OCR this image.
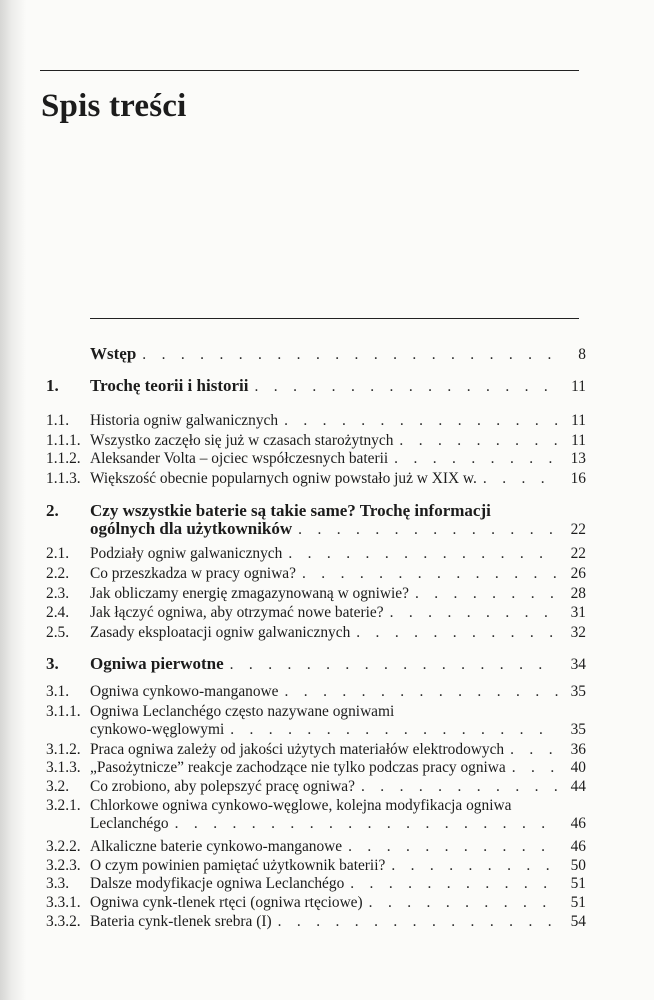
Spis treści
Wstęp . . .	8
1. Trochę teorii i historii . . .	11
1.1. Historia ogniw galwanicznych . . .	11
1.1.1. Wszystko zaczęło się już w czasach starożytnych . . .	11
1.1.2. Aleksander Volta – ojciec współczesnych baterii . . .	13
1.1.3. Większość obecnie popularnych ogniw powstało już w XIX w. . . .	16
2. Czy wszystkie baterie są takie same? Trochę informacji
ogólnych dla użytkowników . . .	22
2.1. Podziały ogniw galwanicznych . . .	22
2.2. Co przeszkadza w pracy ogniwa? . . .	26
2.3. Jak obliczamy energię zmagazynowaną w ogniwie? . . .	28
2.4. Jak łączyć ogniwa, aby otrzymać nowe baterie? . . .	31
2.5. Zasady eksploatacji ogniw galwanicznych . . .	32
3. Ogniwa pierwotne . . .	34
3.1. Ogniwa cynkowo-manganowe . . .	35
3.1.1. Ogniwa Leclanchégo często nazywane ogniwami
cynkowo-węglowymi . . .	35
3.1.2. Praca ogniwa zależy od jakości użytych materiałów elektrodowych . . .	36
3.1.3. „Pasożytnicze” reakcje zachodzące nie tylko podczas pracy ogniwa . . .	40
3.2. Co zrobiono, aby polepszyć pracę ogniwa? . . .	44
3.2.1. Chlorkowe ogniwa cynkowo-węglowe, kolejna modyfikacja ogniwa
Leclanchégo . . .	46
3.2.2. Alkaliczne baterie cynkowo-manganowe . . .	46
3.2.3. O czym powinien pamiętać użytkownik baterii? . . .	50
3.3. Dalsze modyfikacje ogniwa Leclanchégo . . .	51
3.3.1. Ogniwa cynk-tlenek rtęci (ogniwa rtęciowe) . . .	51
3.3.2. Bateria cynk-tlenek srebra (I) . . .	54
